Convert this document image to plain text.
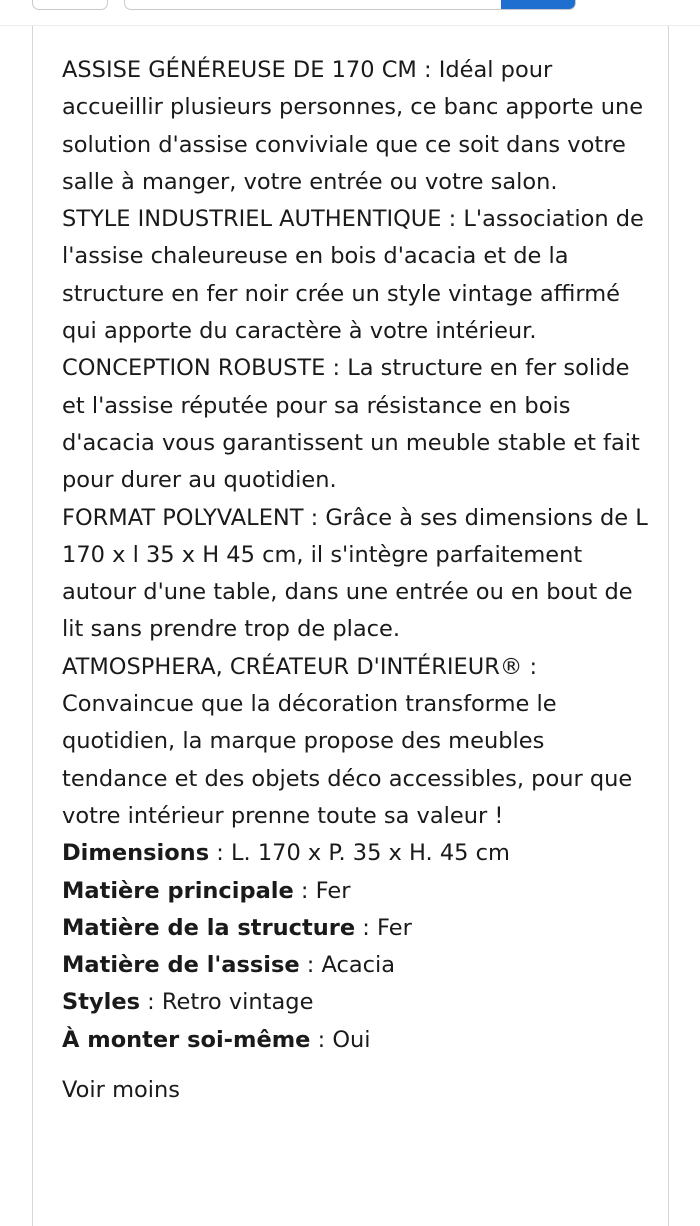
ASSISE GÉNÉREUSE DE 170 CM : Idéal pour accueillir plusieurs personnes, ce banc apporte une solution d'assise conviviale que ce soit dans votre salle à manger, votre entrée ou votre salon.

STYLE INDUSTRIEL AUTHENTIQUE : L'association de l'assise chaleureuse en bois d'acacia et de la structure en fer noir crée un style vintage affirmé qui apporte du caractère à votre intérieur.

CONCEPTION ROBUSTE : La structure en fer solide et l'assise réputée pour sa résistance en bois d'acacia vous garantissent un meuble stable et fait pour durer au quotidien.

FORMAT POLYVALENT : Grâce à ses dimensions de L 170 x l 35 x H 45 cm, il s'intègre parfaitement autour d'une table, dans une entrée ou en bout de lit sans prendre trop de place.

ATMOSPHERA, CRÉATEUR D'INTÉRIEUR® : Convaincue que la décoration transforme le quotidien, la marque propose des meubles tendance et des objets déco accessibles, pour que votre intérieur prenne toute sa valeur !

Dimensions : L. 170 x P. 35 x H. 45 cm
Matière principale : Fer
Matière de la structure : Fer
Matière de l'assise : Acacia
Styles : Retro vintage
À monter soi-même : Oui
Voir moins
